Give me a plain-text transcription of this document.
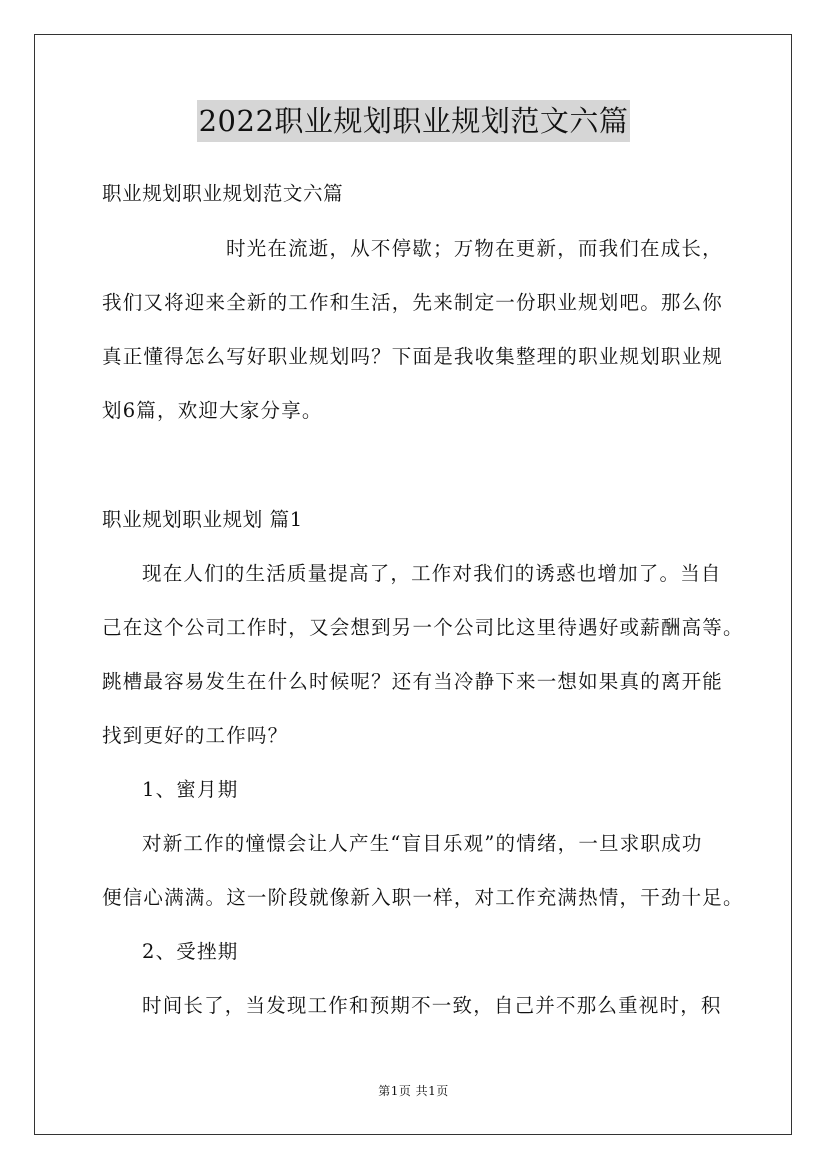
2022职业规划职业规划范文六篇
职业规划职业规划范文六篇
时光在流逝，从不停歇；万物在更新，而我们在成长，
我们又将迎来全新的工作和生活，先来制定一份职业规划吧。那么你
真正懂得怎么写好职业规划吗？下面是我收集整理的职业规划职业规
划6篇，欢迎大家分享。
职业规划职业规划 篇1
现在人们的生活质量提高了，工作对我们的诱惑也增加了。当自
己在这个公司工作时，又会想到另一个公司比这里待遇好或薪酬高等。
跳槽最容易发生在什么时候呢？还有当冷静下来一想如果真的离开能
找到更好的工作吗？
1、蜜月期
对新工作的憧憬会让人产生“盲目乐观”的情绪，一旦求职成功
便信心满满。这一阶段就像新入职一样，对工作充满热情，干劲十足。
2、受挫期
时间长了，当发现工作和预期不一致，自己并不那么重视时，积
第1页 共1页
